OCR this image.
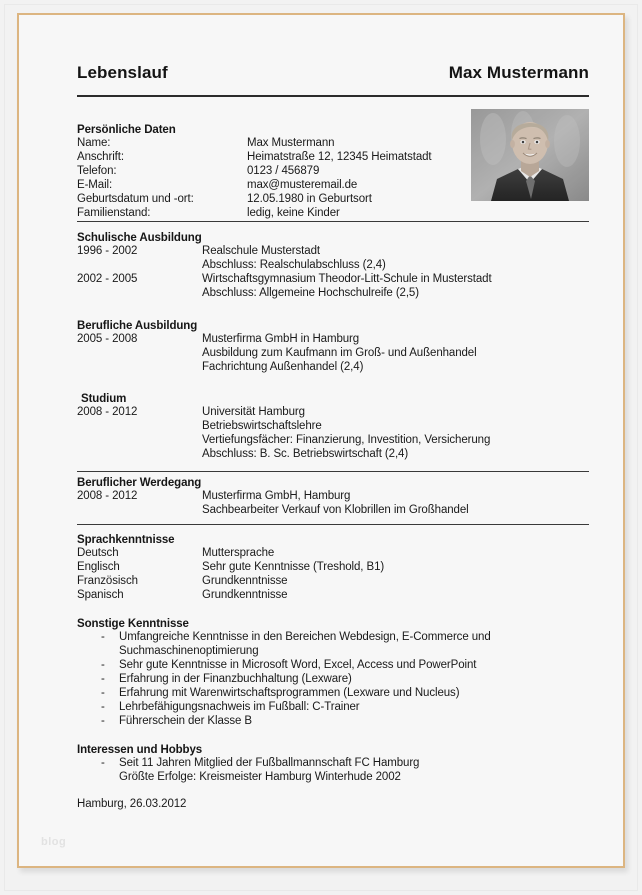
Lebenslauf	Max Mustermann
Persönliche Daten
Name:	Max Mustermann
Anschrift:	Heimatstraße 12, 12345 Heimatstadt
Telefon:	0123 / 456879
E-Mail:	max@musteremail.de
Geburtsdatum und -ort:	12.05.1980 in Geburtsort
Familienstand:	ledig, keine Kinder
Schulische Ausbildung
1996 - 2002	Realschule Musterstadt
Abschluss: Realschulabschluss (2,4)
2002 - 2005	Wirtschaftsgymnasium Theodor-Litt-Schule in Musterstadt
Abschluss: Allgemeine Hochschulreife (2,5)
Berufliche Ausbildung
2005 - 2008	Musterfirma GmbH in Hamburg
Ausbildung zum Kaufmann im Groß- und Außenhandel
Fachrichtung Außenhandel (2,4)
Studium
2008 - 2012	Universität Hamburg
Betriebswirtschaftslehre
Vertiefungsfächer: Finanzierung, Investition, Versicherung
Abschluss: B. Sc. Betriebswirtschaft (2,4)
Beruflicher Werdegang
2008 - 2012	Musterfirma GmbH, Hamburg
Sachbearbeiter Verkauf von Klobrillen im Großhandel
Sprachkenntnisse
Deutsch	Muttersprache
Englisch	Sehr gute Kenntnisse (Treshold, B1)
Französisch	Grundkenntnisse
Spanisch	Grundkenntnisse
Sonstige Kenntnisse
- Umfangreiche Kenntnisse in den Bereichen Webdesign, E-Commerce und
Suchmaschinenoptimierung
- Sehr gute Kenntnisse in Microsoft Word, Excel, Access und PowerPoint
- Erfahrung in der Finanzbuchhaltung (Lexware)
- Erfahrung mit Warenwirtschaftsprogrammen (Lexware und Nucleus)
- Lehrbefähigungsnachweis im Fußball: C-Trainer
- Führerschein der Klasse B
Interessen und Hobbys
- Seit 11 Jahren Mitglied der Fußballmannschaft FC Hamburg
Größte Erfolge: Kreismeister Hamburg Winterhude 2002
Hamburg, 26.03.2012
blog
